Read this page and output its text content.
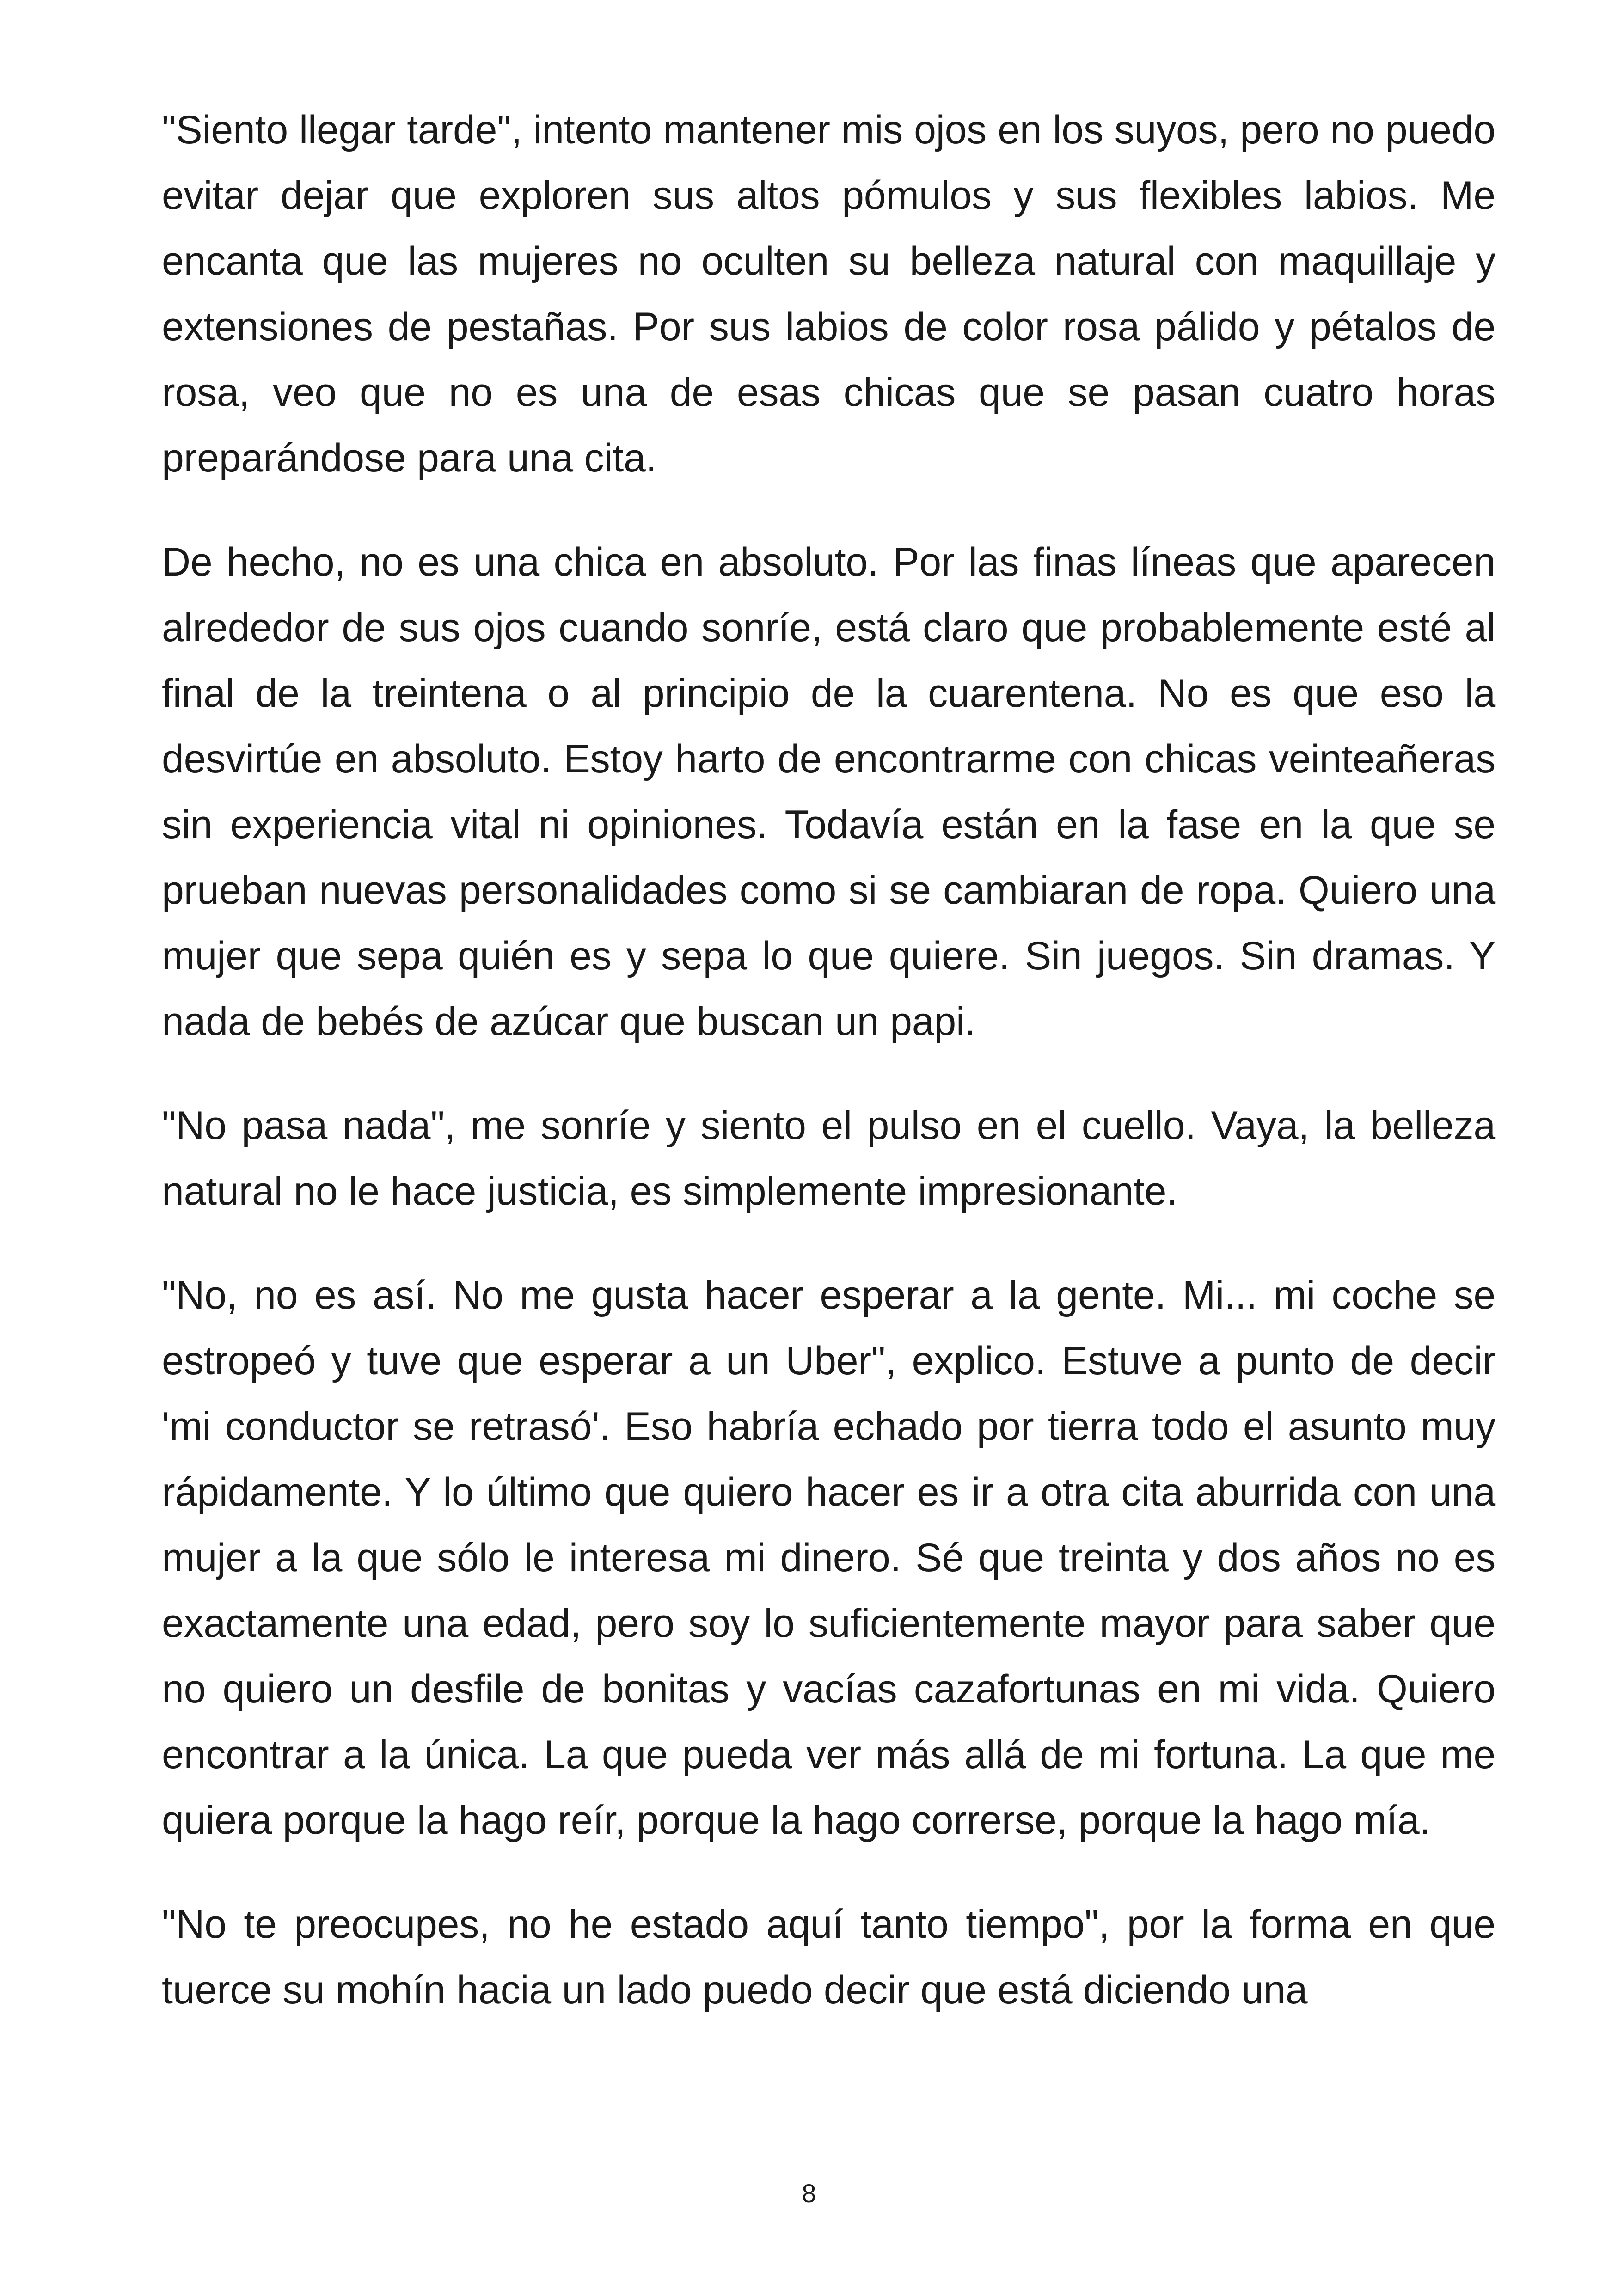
"Siento llegar tarde", intento mantener mis ojos en los suyos, pero no puedo evitar dejar que exploren sus altos pómulos y sus flexibles labios. Me encanta que las mujeres no oculten su belleza natural con maquillaje y extensiones de pestañas. Por sus labios de color rosa pálido y pétalos de rosa, veo que no es una de esas chicas que se pasan cuatro horas preparándose para una cita.

De hecho, no es una chica en absoluto. Por las finas líneas que aparecen alrededor de sus ojos cuando sonríe, está claro que probablemente esté al final de la treintena o al principio de la cuarentena. No es que eso la desvirtúe en absoluto. Estoy harto de encontrarme con chicas veinteañeras sin experiencia vital ni opiniones. Todavía están en la fase en la que se prueban nuevas personalidades como si se cambiaran de ropa. Quiero una mujer que sepa quién es y sepa lo que quiere. Sin juegos. Sin dramas. Y nada de bebés de azúcar que buscan un papi.

"No pasa nada", me sonríe y siento el pulso en el cuello. Vaya, la belleza natural no le hace justicia, es simplemente impresionante.

"No, no es así. No me gusta hacer esperar a la gente. Mi... mi coche se estropeó y tuve que esperar a un Uber", explico. Estuve a punto de decir 'mi conductor se retrasó'. Eso habría echado por tierra todo el asunto muy rápidamente. Y lo último que quiero hacer es ir a otra cita aburrida con una mujer a la que sólo le interesa mi dinero. Sé que treinta y dos años no es exactamente una edad, pero soy lo suficientemente mayor para saber que no quiero un desfile de bonitas y vacías cazafortunas en mi vida. Quiero encontrar a la única. La que pueda ver más allá de mi fortuna. La que me quiera porque la hago reír, porque la hago correrse, porque la hago mía.

"No te preocupes, no he estado aquí tanto tiempo", por la forma en que tuerce su mohín hacia un lado puedo decir que está diciendo una

8
